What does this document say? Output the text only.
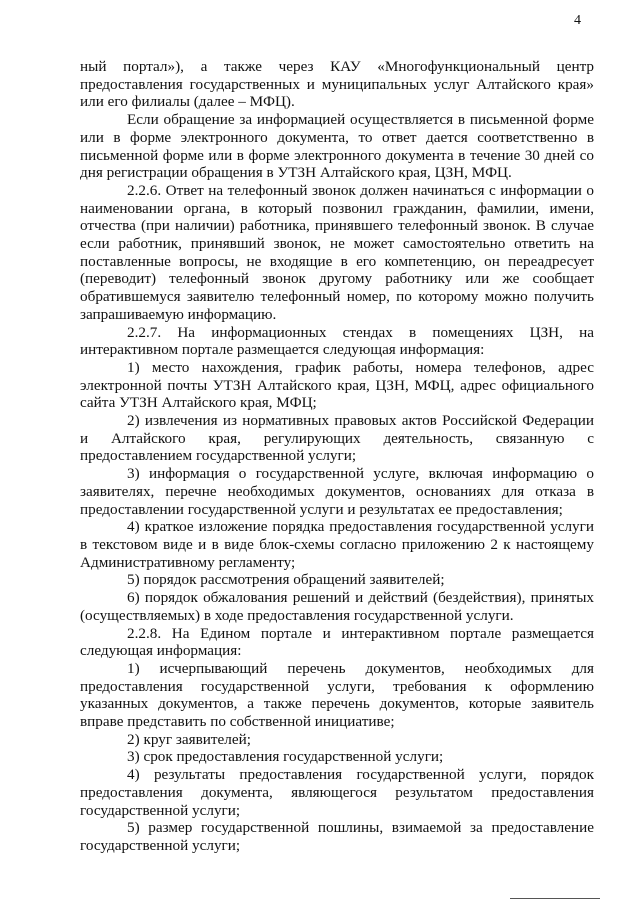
4

ный портал»), а также через КАУ «Многофункциональный центр предоставления государственных и муниципальных услуг Алтайского края» или его филиалы (далее – МФЦ).

Если обращение за информацией осуществляется в письменной форме или в форме электронного документа, то ответ дается соответственно в письменной форме или в форме электронного документа в течение 30 дней со дня регистрации обращения в УТЗН Алтайского края, ЦЗН, МФЦ.

2.2.6. Ответ на телефонный звонок должен начинаться с информации о наименовании органа, в который позвонил гражданин, фамилии, имени, отчества (при наличии) работника, принявшего телефонный звонок. В случае если работник, принявший звонок, не может самостоятельно ответить на поставленные вопросы, не входящие в его компетенцию, он переадресует (переводит) телефонный звонок другому работнику или же сообщает обратившемуся заявителю телефонный номер, по которому можно получить запрашиваемую информацию.

2.2.7. На информационных стендах в помещениях ЦЗН, на интерактивном портале размещается следующая информация:

1) место нахождения, график работы, номера телефонов, адрес электронной почты УТЗН Алтайского края, ЦЗН, МФЦ, адрес официального сайта УТЗН Алтайского края, МФЦ;

2) извлечения из нормативных правовых актов Российской Федерации и Алтайского края, регулирующих деятельность, связанную с предоставлением государственной услуги;

3) информация о государственной услуге, включая информацию о заявителях, перечне необходимых документов, основаниях для отказа в предоставлении государственной услуги и результатах ее предоставления;

4) краткое изложение порядка предоставления государственной услуги в текстовом виде и в виде блок-схемы согласно приложению 2 к настоящему Административному регламенту;

5) порядок рассмотрения обращений заявителей;

6) порядок обжалования решений и действий (бездействия), принятых (осуществляемых) в ходе предоставления государственной услуги.

2.2.8. На Едином портале и интерактивном портале размещается следующая информация:

1) исчерпывающий перечень документов, необходимых для предоставления государственной услуги, требования к оформлению указанных документов, а также перечень документов, которые заявитель вправе представить по собственной инициативе;

2) круг заявителей;

3) срок предоставления государственной услуги;

4) результаты предоставления государственной услуги, порядок предоставления документа, являющегося результатом предоставления государственной услуги;

5) размер государственной пошлины, взимаемой за предоставление государственной услуги;
